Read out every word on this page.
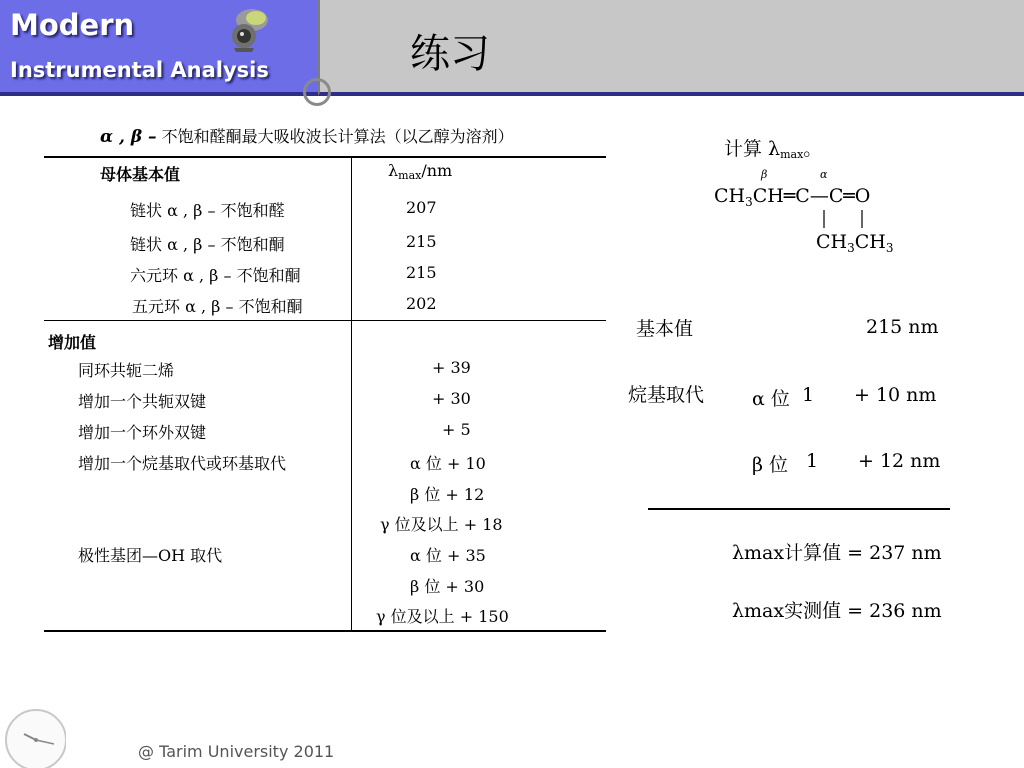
Modern
Instrumental Analysis	练习
α , β – 不饱和醛酮最大吸收波长计算法（以乙醇为溶剂）
母体基本值	$\lambda_{max}/nm$
链状 α , β – 不饱和醛	207
链状 α , β – 不饱和酮	215
六元环 α , β – 不饱和酮	215
五元环 α , β – 不饱和酮	202
增加值
同环共轭二烯	+ 39
增加一个共轭双键	+ 30
增加一个环外双键	+ 5
增加一个烷基取代或环基取代	α 位 + 10
β 位 + 12
γ 位及以上 + 18
极性基团—OH 取代	α 位 + 35
β 位 + 30
γ 位及以上 + 150
计算 $\lambda_{max}$。
β	α
$CH_3CH═C—C═O$
$CH_3CH_3$
基本值	215 nm
烷基取代	α 位 1 + 10 nm
β 位 1 + 12 nm
λmax计算值 = 237 nm
λmax实测值 = 236 nm
@ Tarim University 2011
